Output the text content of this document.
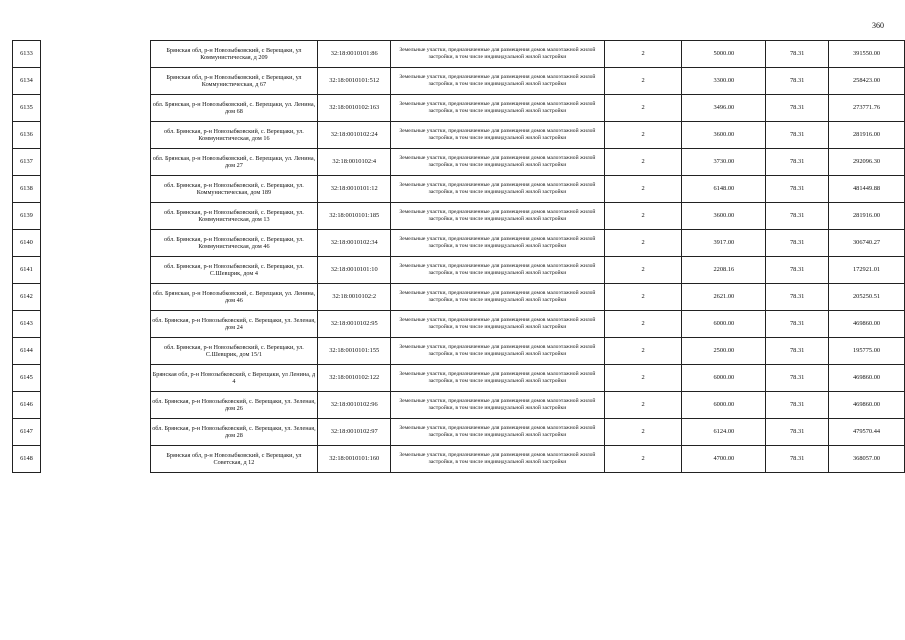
360
6133		Брянская обл, р-н Новозыбковский, с Верещаки, ул Коммунистическая, д 209	32:18:0010101:86	Земельные участки, предназначенные для размещения домов малоэтажной жилой застройки, в том числе индивидуальной жилой застройки	2	5000.00	78.31	391550.00
6134		Брянская обл, р-н Новозыбковский, с Верещаки, ул Коммунистическая, д 67	32:18:0010101:512	Земельные участки, предназначенные для размещения домов малоэтажной жилой застройки, в том числе индивидуальной жилой застройки	2	3300.00	78.31	258423.00
6135		обл. Брянская, р-н Новозыбковский, с. Верещаки, ул. Ленина, дом 68	32:18:0010102:163	Земельные участки, предназначенные для размещения домов малоэтажной жилой застройки, в том числе индивидуальной жилой застройки	2	3496.00	78.31	273771.76
6136		обл. Брянская, р-н Новозыбковский, с. Верещаки, ул. Коммунистическая, дом 16	32:18:0010102:24	Земельные участки, предназначенные для размещения домов малоэтажной жилой застройки, в том числе индивидуальной жилой застройки	2	3600.00	78.31	281916.00
6137		обл. Брянская, р-н Новозыбковский, с. Верещаки, ул. Ленина, дом 27	32:18:0010102:4	Земельные участки, предназначенные для размещения домов малоэтажной жилой застройки, в том числе индивидуальной жилой застройки	2	3730.00	78.31	292096.30
6138		обл. Брянская, р-н Новозыбковский, с. Верещаки, ул. Коммунистическая, дом 189	32:18:0010101:12	Земельные участки, предназначенные для размещения домов малоэтажной жилой застройки, в том числе индивидуальной жилой застройки	2	6148.00	78.31	481449.88
6139		обл. Брянская, р-н Новозыбковский, с. Верещаки, ул. Коммунистическая, дом 13	32:18:0010101:185	Земельные участки, предназначенные для размещения домов малоэтажной жилой застройки, в том числе индивидуальной жилой застройки	2	3600.00	78.31	281916.00
6140		обл. Брянская, р-н Новозыбковский, с. Верещаки, ул. Коммунистическая, дом 46	32:18:0010102:34	Земельные участки, предназначенные для размещения домов малоэтажной жилой застройки, в том числе индивидуальной жилой застройки	2	3917.00	78.31	306740.27
6141		обл. Брянская, р-н Новозыбковский, с. Верещаки, ул. С.Шевцрик, дом 4	32:18:0010101:10	Земельные участки, предназначенные для размещения домов малоэтажной жилой застройки, в том числе индивидуальной жилой застройки	2	2208.16	78.31	172921.01
6142		обл. Брянская, р-н Новозыбковский, с. Верещаки, ул. Ленина, дом 46	32:18:0010102:2	Земельные участки, предназначенные для размещения домов малоэтажной жилой застройки, в том числе индивидуальной жилой застройки	2	2621.00	78.31	205250.51
6143		обл. Брянская, р-н Новозыбковский, с. Верещаки, ул. Зеленая, дом 24	32:18:0010102:95	Земельные участки, предназначенные для размещения домов малоэтажной жилой застройки, в том числе индивидуальной жилой застройки	2	6000.00	78.31	469860.00
6144		обл. Брянская, р-н Новозыбковский, с. Верещаки, ул. С.Шевцрик, дом 15/1	32:18:0010101:155	Земельные участки, предназначенные для размещения домов малоэтажной жилой застройки, в том числе индивидуальной жилой застройки	2	2500.00	78.31	195775.00
6145		Брянская обл, р-н Новозыбковский, с Верещаки, ул Ленина, д 4	32:18:0010102:122	Земельные участки, предназначенные для размещения домов малоэтажной жилой застройки, в том числе индивидуальной жилой застройки	2	6000.00	78.31	469860.00
6146		обл. Брянская, р-н Новозыбковский, с. Верещаки, ул. Зеленая, дом 26	32:18:0010102:96	Земельные участки, предназначенные для размещения домов малоэтажной жилой застройки, в том числе индивидуальной жилой застройки	2	6000.00	78.31	469860.00
6147		обл. Брянская, р-н Новозыбковский, с. Верещаки, ул. Зеленая, дом 28	32:18:0010102:97	Земельные участки, предназначенные для размещения домов малоэтажной жилой застройки, в том числе индивидуальной жилой застройки	2	6124.00	78.31	479570.44
6148		Брянская обл, р-н Новозыбковский, с Верещаки, ул Советская, д 12	32:18:0010101:160	Земельные участки, предназначенные для размещения домов малоэтажной жилой застройки, в том числе индивидуальной жилой застройки	2	4700.00	78.31	368057.00
